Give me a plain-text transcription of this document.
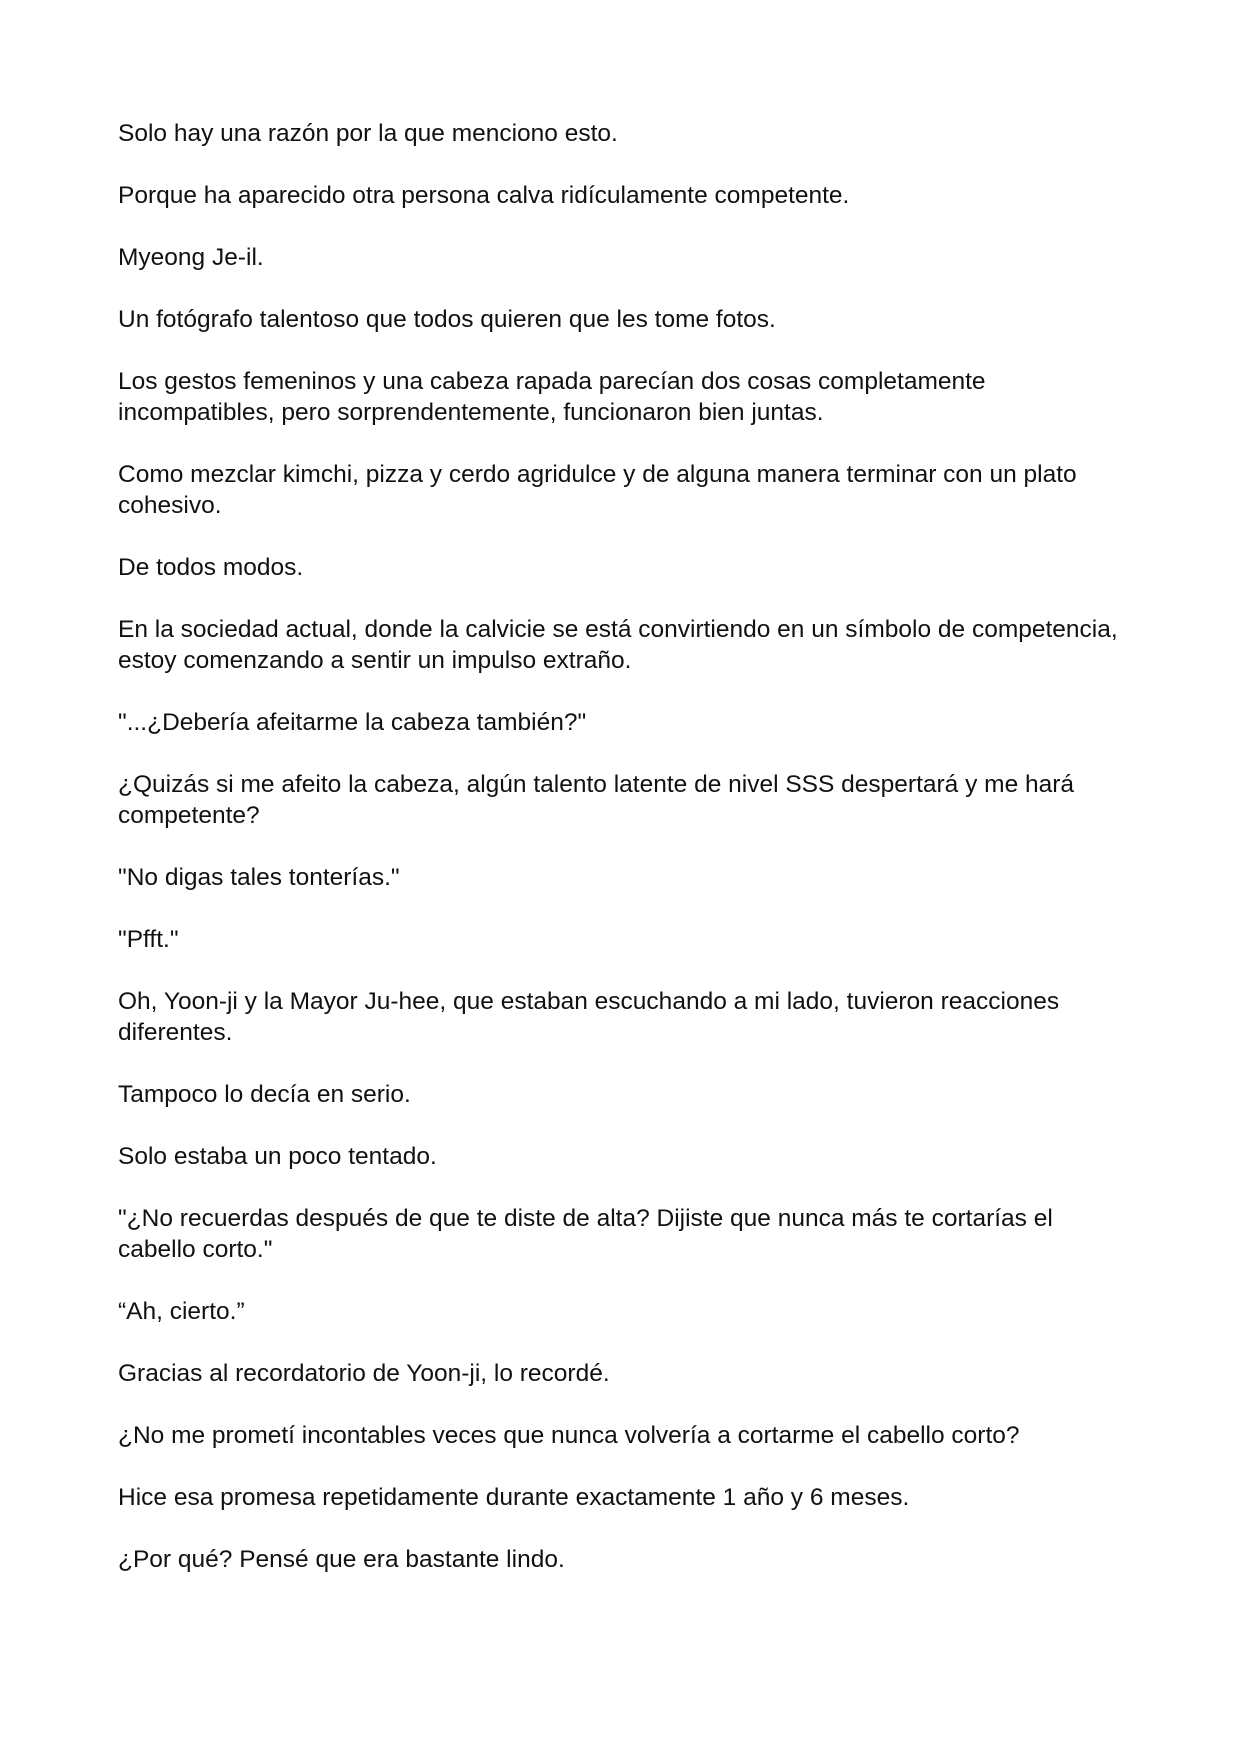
Solo hay una razón por la que menciono esto.

Porque ha aparecido otra persona calva ridículamente competente.

Myeong Je-il.

Un fotógrafo talentoso que todos quieren que les tome fotos.

Los gestos femeninos y una cabeza rapada parecían dos cosas completamente incompatibles, pero sorprendentemente, funcionaron bien juntas.

Como mezclar kimchi, pizza y cerdo agridulce y de alguna manera terminar con un plato cohesivo.

De todos modos.

En la sociedad actual, donde la calvicie se está convirtiendo en un símbolo de competencia, estoy comenzando a sentir un impulso extraño.

"...¿Debería afeitarme la cabeza también?"

¿Quizás si me afeito la cabeza, algún talento latente de nivel SSS despertará y me hará competente?

"No digas tales tonterías."

"Pfft."

Oh, Yoon-ji y la Mayor Ju-hee, que estaban escuchando a mi lado, tuvieron reacciones diferentes.

Tampoco lo decía en serio.

Solo estaba un poco tentado.

"¿No recuerdas después de que te diste de alta? Dijiste que nunca más te cortarías el cabello corto."

“Ah, cierto.”

Gracias al recordatorio de Yoon-ji, lo recordé.

¿No me prometí incontables veces que nunca volvería a cortarme el cabello corto?

Hice esa promesa repetidamente durante exactamente 1 año y 6 meses.

¿Por qué? Pensé que era bastante lindo.
